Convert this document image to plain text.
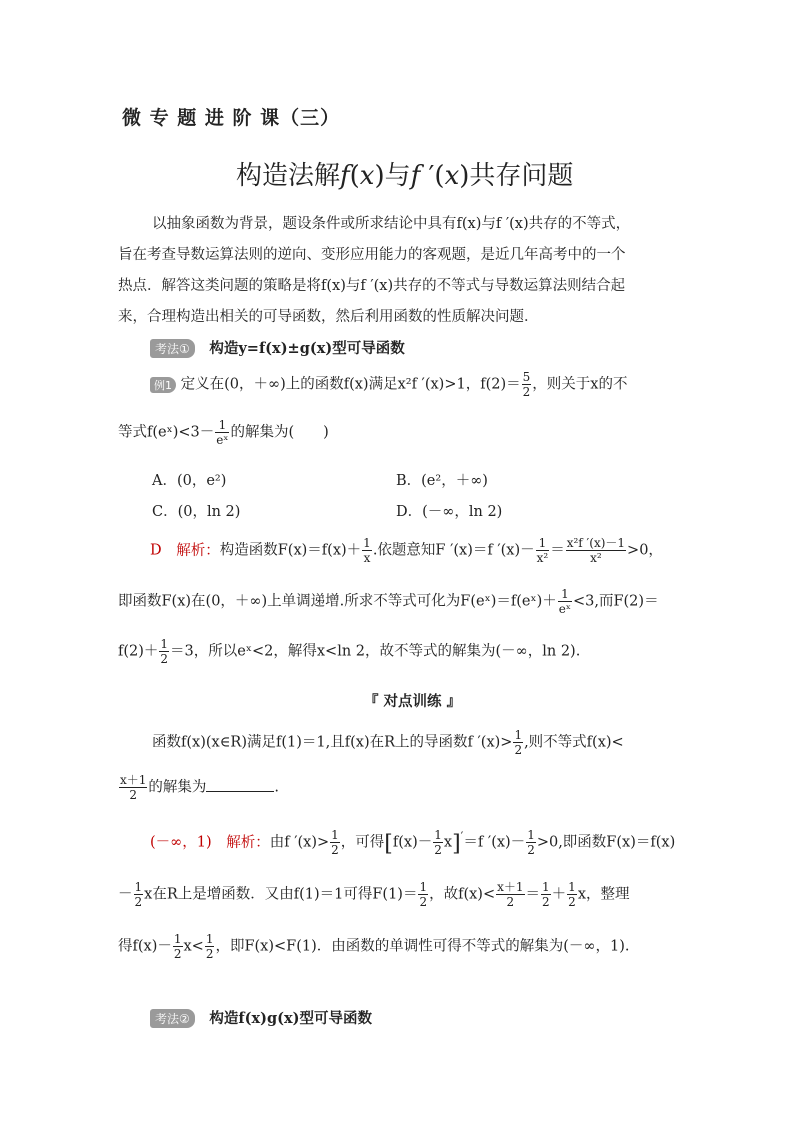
微 专 题 进 阶 课（三）
构造法解f(x)与f ′(x)共存问题
以抽象函数为背景，题设条件或所求结论中具有f(x)与f ′(x)共存的不等式，
旨在考查导数运算法则的逆向、变形应用能力的客观题，是近几年高考中的一个
热点．解答这类问题的策略是将f(x)与f ′(x)共存的不等式与导数运算法则结合起
来，合理构造出相关的可导函数，然后利用函数的性质解决问题．
考法① 构造y=f(x)±g(x)型可导函数
例1 定义在(0，＋∞)上的函数f(x)满足x²f ′(x)>1，$f(2)= \frac{5}{2}$ ，则关于x的不
等式f(eˣ)<3－ $\frac{1}{\text{eˣ}}$ 的解集为(　　)
A．(0，e²)	B．(e²，＋∞)
C．(0，ln 2)	D．(－∞，ln 2)
D 解析：构造函数$F(x)=f(x)+ \frac{1}{x}$ .依题意知F ′(x)＝f $'(x)- \frac{1}{\text{x²}} = \frac{\text{x²f ′(x)－1}}{\text{x²}} >0$，
即函数F(x)在(0，＋∞)上单调递增.所求不等式可化为F(eˣ)＝f(eˣ)＋ $\frac{1}{\text{eˣ}} <3$,而F(2)＝
$f(2)+ \frac{1}{2} =3$，所以eˣ<2，解得x<ln 2，故不等式的解集为(－∞，ln 2).
『 对点训练 』
函数f(x)(x∈R)满足f(1)＝1,且f(x)在R上的导函数f $'(x)> \frac{1}{2}$ ,则不等式f(x)<
$\frac{x+1}{2}$ 的解集为	.
(－∞，1) 解析：由f $'(x)> \frac{1}{2}$ ，可得$[f(x)- \frac{1}{2} x]'=f$ $'(x)- \frac{1}{2} >0$,即函数F(x)＝f(x)
－ $\frac{1}{2}$ x在R上是增函数．又由f(1)＝1可得$F(1)= \frac{1}{2}$ ，故$f(x)< \frac{x+1}{2} = \frac{1}{2} + \frac{1}{2}$ x，整理
得$f(x)- \frac{1}{2} x< \frac{1}{2}$ ，即F(x)<F(1)．由函数的单调性可得不等式的解集为(－∞，1).
考法② 构造f(x)g(x)型可导函数
